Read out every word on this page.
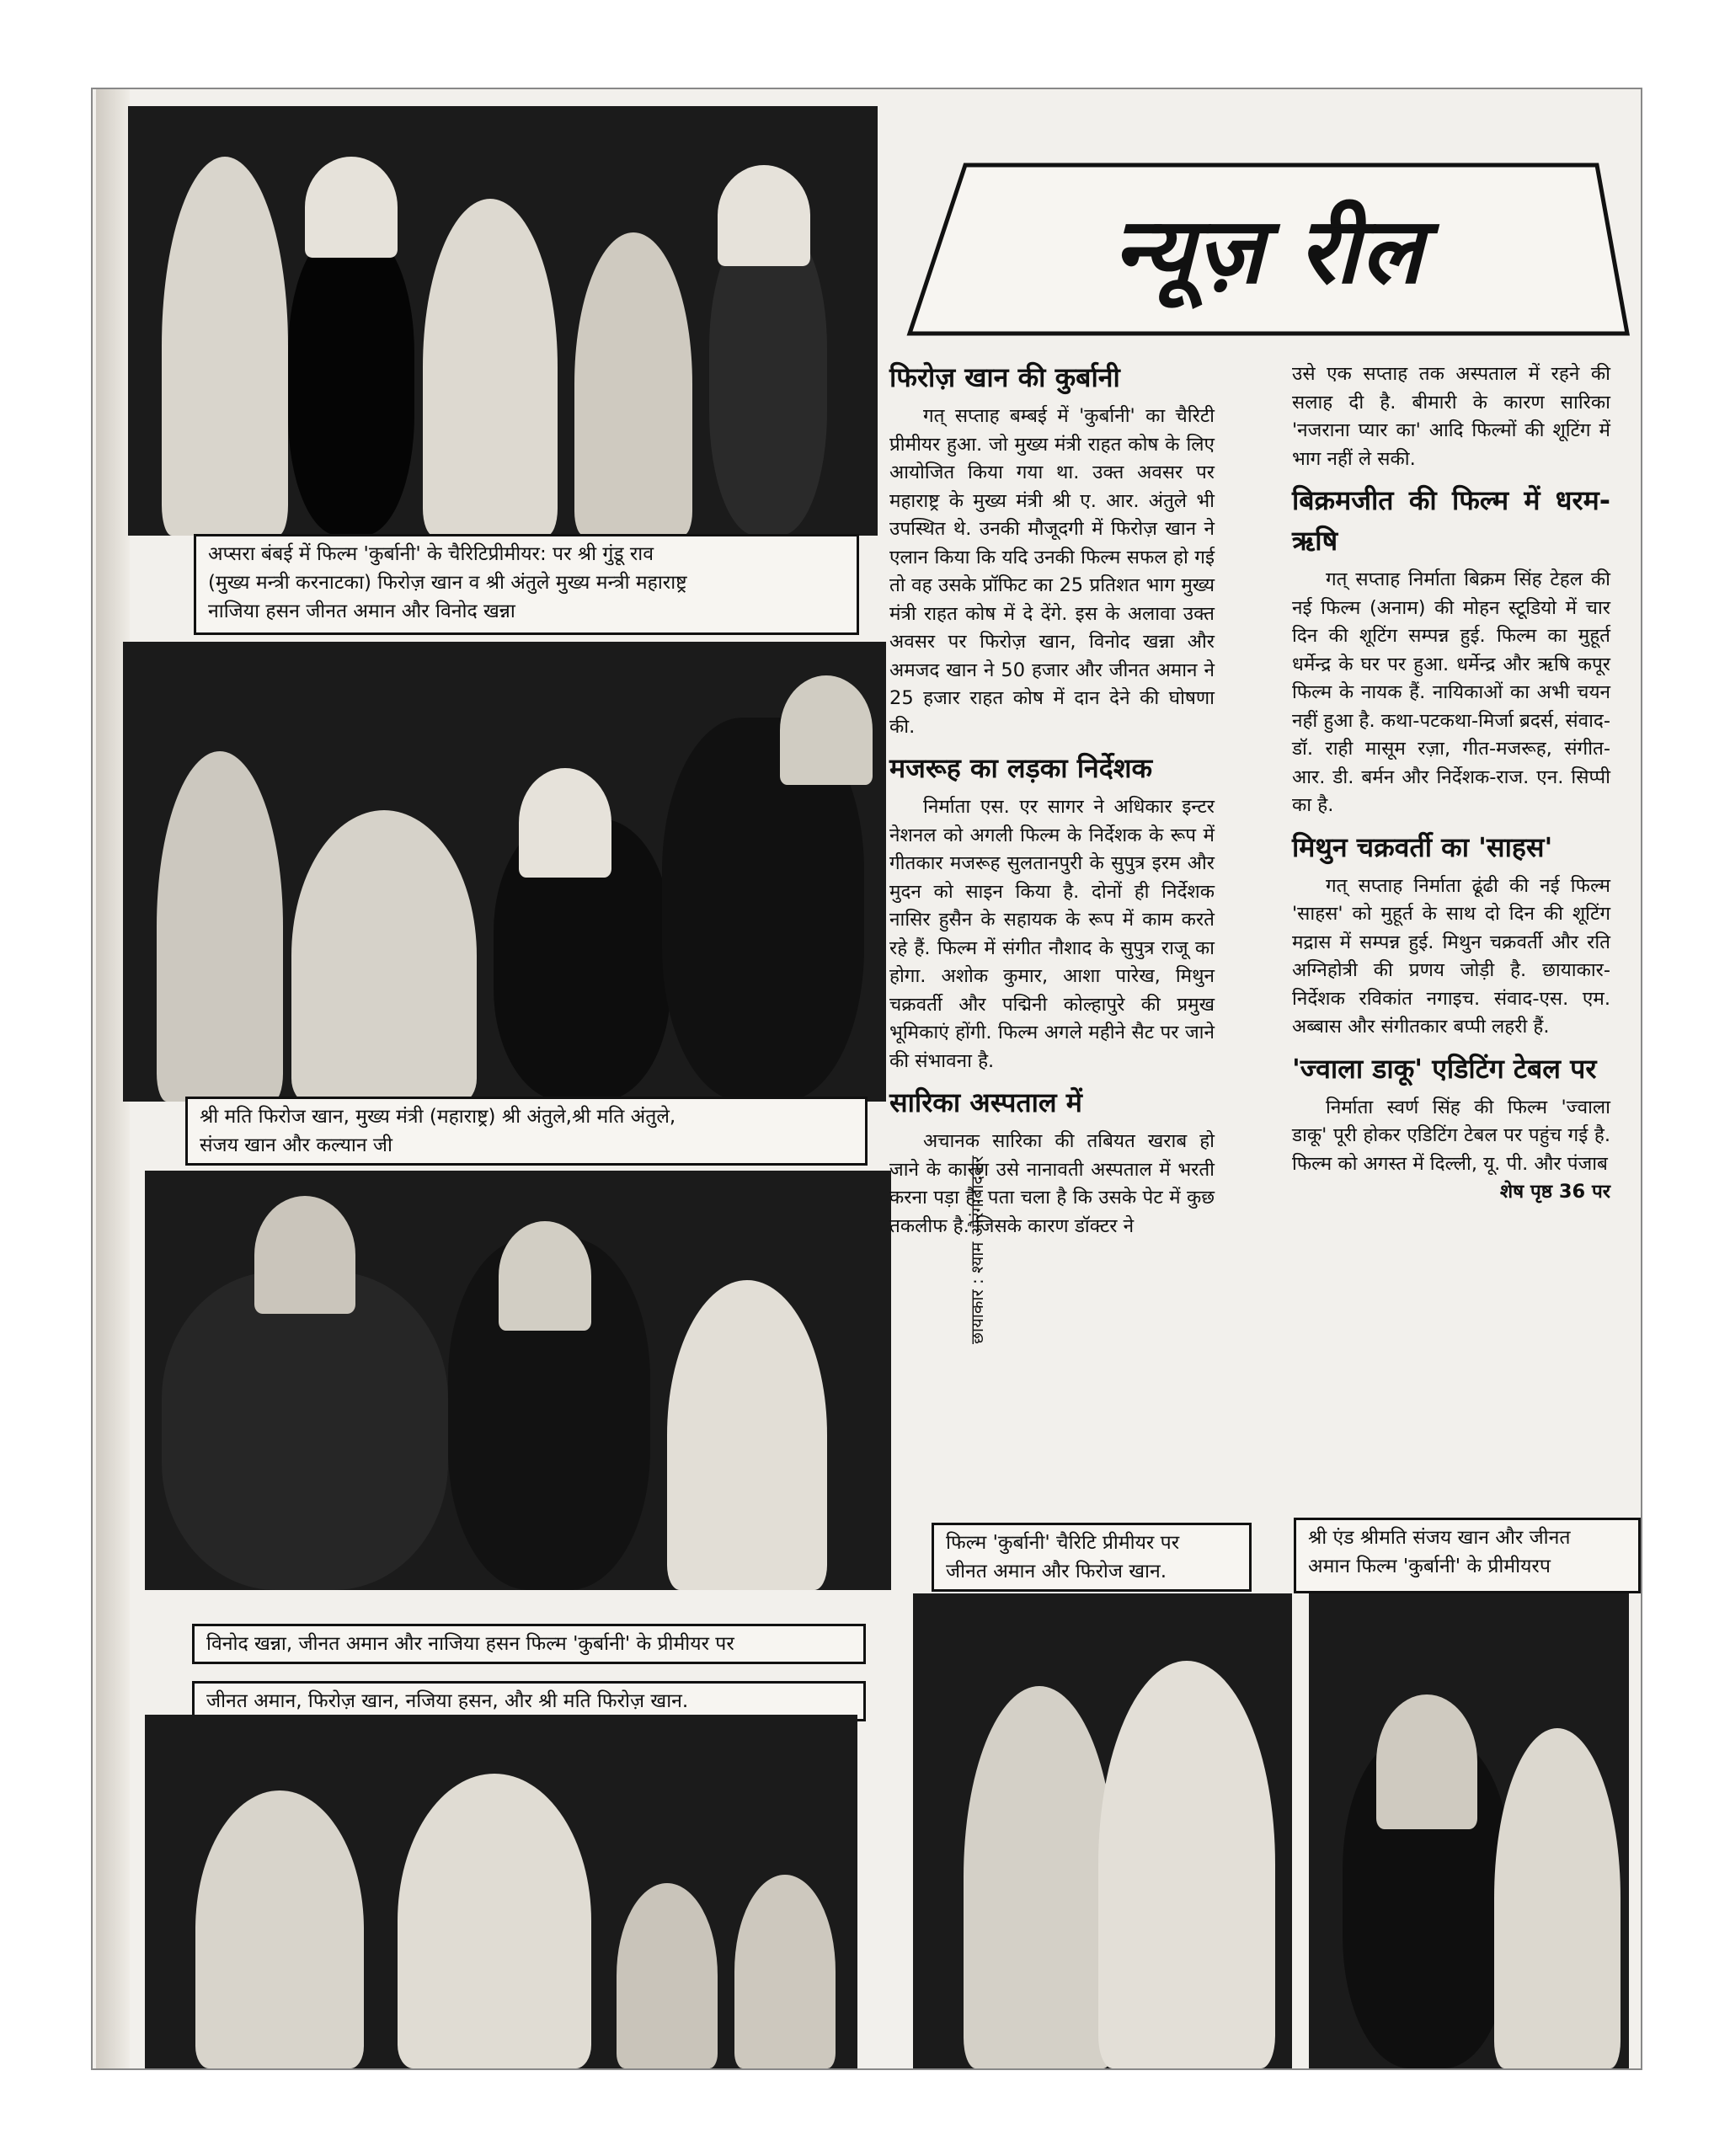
अप्सरा बंबई में फिल्म 'कुर्बानी' के चैरिटिप्रीमीयर: पर श्री गुंडू राव
(मुख्य मन्त्री करनाटका) फिरोज़ खान व श्री अंतुले मुख्य मन्त्री महाराष्ट्र
नाजिया हसन जीनत अमान और विनोद खन्ना
श्री मति फिरोज खान, मुख्य मंत्री (महाराष्ट्र) श्री अंतुले,श्री मति अंतुले,
संजय खान और कल्यान जी
छायाकार : श्याम औरंगाबादकर
विनोद खन्ना, जीनत अमान और नाजिया हसन फिल्म 'कुर्बानी' के प्रीमीयर पर
जीनत अमान, फिरोज़ खान, नजिया हसन, और श्री मति फिरोज़ खान.
फिल्म 'कुर्बानी' चैरिटि प्रीमीयर पर
जीनत अमान और फिरोज खान.
श्री एंड श्रीमति संजय खान और जीनत
अमान फिल्म 'कुर्बानी' के प्रीमीयरप
न्यूज़ रील
फिरोज़ खान की कुर्बानी

गत् सप्ताह बम्बई में 'कुर्बानी' का चैरिटी प्रीमीयर हुआ. जो मुख्य मंत्री राहत कोष के लिए आयोजित किया गया था. उक्त अवसर पर महाराष्ट्र के मुख्य मंत्री श्री ए. आर. अंतुले भी उपस्थित थे. उनकी मौजूदगी में फिरोज़ खान ने एलान किया कि यदि उनकी फिल्म सफल हो गई तो वह उसके प्रॉफिट का 25 प्रतिशत भाग मुख्य मंत्री राहत कोष में दे देंगे. इस के अलावा उक्त अवसर पर फिरोज़ खान, विनोद खन्ना और अमजद खान ने 50 हजार और जीनत अमान ने 25 हजार राहत कोष में दान देने की घोषणा की.

मजरूह का लड़का निर्देशक

निर्माता एस. एर सागर ने अधिकार इन्टर नेशनल को अगली फिल्म के निर्देशक के रूप में गीतकार मजरूह सुलतानपुरी के सुपुत्र इरम और मुदन को साइन किया है. दोनों ही निर्देशक नासिर हुसैन के सहायक के रूप में काम करते रहे हैं. फिल्म में संगीत नौशाद के सुपुत्र राजू का होगा. अशोक कुमार, आशा पारेख, मिथुन चक्रवर्ती और पद्मिनी कोल्हापुरे की प्रमुख भूमिकाएं होंगी. फिल्म अगले महीने सैट पर जाने की संभावना है.

सारिका अस्पताल में

अचानक सारिका की तबियत खराब हो जाने के कारण उसे नानावती अस्पताल में भरती करना पड़ा है. पता चला है कि उसके पेट में कुछ तकलीफ है. जिसके कारण डॉक्टर ने

उसे एक सप्ताह तक अस्पताल में रहने की सलाह दी है. बीमारी के कारण सारिका 'नजराना प्यार का' आदि फिल्मों की शूटिंग में भाग नहीं ले सकी.

बिक्रमजीत की फिल्म में धरम-ऋषि

गत् सप्ताह निर्माता बिक्रम सिंह टेहल की नई फिल्म (अनाम) की मोहन स्टूडियो में चार दिन की शूटिंग सम्पन्न हुई. फिल्म का मुहूर्त धर्मेन्द्र के घर पर हुआ. धर्मेन्द्र और ऋषि कपूर फिल्म के नायक हैं. नायिकाओं का अभी चयन नहीं हुआ है. कथा-पटकथा-मिर्जा ब्रदर्स, संवाद-डॉ. राही मासूम रज़ा, गीत-मजरूह, संगीत-आर. डी. बर्मन और निर्देशक-राज. एन. सिप्पी का है.

मिथुन चक्रवर्ती का 'साहस'

गत् सप्ताह निर्माता ढूंढी की नई फिल्म 'साहस' को मुहूर्त के साथ दो दिन की शूटिंग मद्रास में सम्पन्न हुई. मिथुन चक्रवर्ती और रति अग्निहोत्री की प्रणय जोड़ी है. छायाकार-निर्देशक रविकांत नगाइच. संवाद-एस. एम. अब्बास और संगीतकार बप्पी लहरी हैं.

'ज्वाला डाकू' एडिटिंग टेबल पर

निर्माता स्वर्ण सिंह की फिल्म 'ज्वाला डाकू' पूरी होकर एडिटिंग टेबल पर पहुंच गई है. फिल्म को अगस्त में दिल्ली, यू. पी. और पंजाब

शेष पृष्ठ 36 पर
